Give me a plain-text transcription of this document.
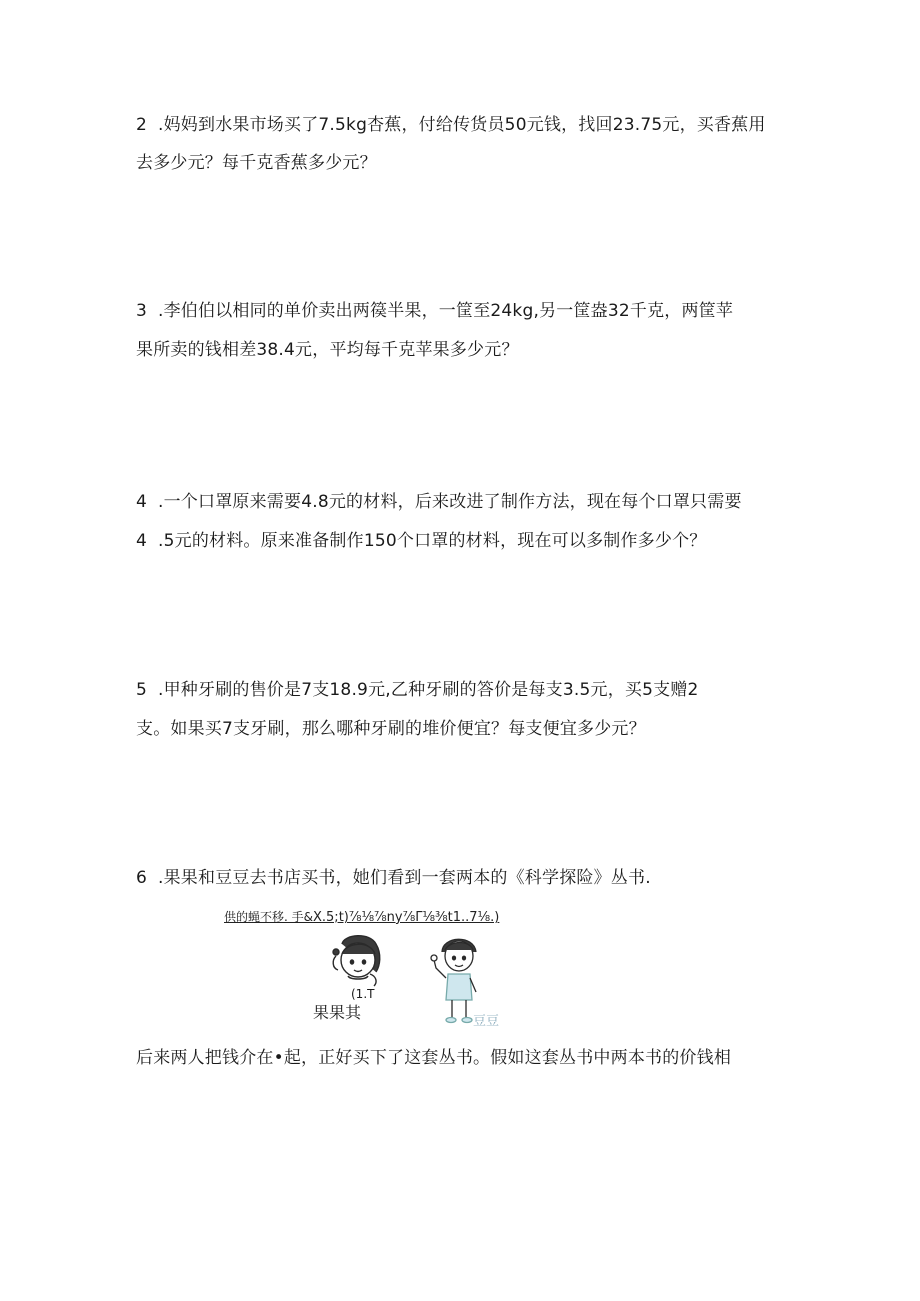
2 .妈妈到水果市场买了7.5kg杏蕉，付给传货员50元钱，找回23.75元，买香蕉用
去多少元？每千克香蕉多少元？
3 .李伯伯以相同的单价卖出两篌半果，一筐至24kg,另一筐盎32千克，两筐苹
果所卖的钱相差38.4元，平均每千克苹果多少元？
4 .一个口罩原来需要4.8元的材料，后来改进了制作方法，现在每个口罩只需要
4 .5元的材料。原来准备制作150个口罩的材料，现在可以多制作多少个？
5 .甲种牙刷的售价是7支18.9元,乙种牙刷的答价是每支3.5元，买5支赠2
支。如果买7支牙刷，那么哪种牙刷的堆价便宜？每支便宜多少元？
6 .果果和豆豆去书店买书，她们看到一套两本的《科学探险》丛书.
供的蝇不移. 手&X.5;t)⅞⅛⅞ny⅞Γ⅛⅜t1..7⅛.)
(1.T
果果其	豆豆
后来两人把钱介在•起，正好买下了这套丛书。假如这套丛书中两本书的价钱相
